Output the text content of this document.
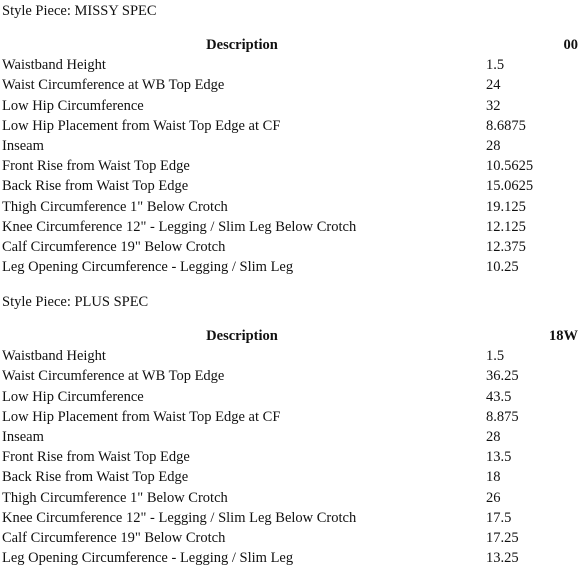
Style Piece: MISSY SPEC
Description	00
Waistband Height	1.5
Waist Circumference at WB Top Edge	24
Low Hip Circumference	32
Low Hip Placement from Waist Top Edge at CF	8.6875
Inseam	28
Front Rise from Waist Top Edge	10.5625
Back Rise from Waist Top Edge	15.0625
Thigh Circumference 1" Below Crotch	19.125
Knee Circumference 12" - Legging / Slim Leg Below Crotch	12.125
Calf Circumference 19" Below Crotch	12.375
Leg Opening Circumference - Legging / Slim Leg	10.25
Style Piece: PLUS SPEC
Description	18W
Waistband Height	1.5
Waist Circumference at WB Top Edge	36.25
Low Hip Circumference	43.5
Low Hip Placement from Waist Top Edge at CF	8.875
Inseam	28
Front Rise from Waist Top Edge	13.5
Back Rise from Waist Top Edge	18
Thigh Circumference 1" Below Crotch	26
Knee Circumference 12" - Legging / Slim Leg Below Crotch	17.5
Calf Circumference 19" Below Crotch	17.25
Leg Opening Circumference - Legging / Slim Leg	13.25
